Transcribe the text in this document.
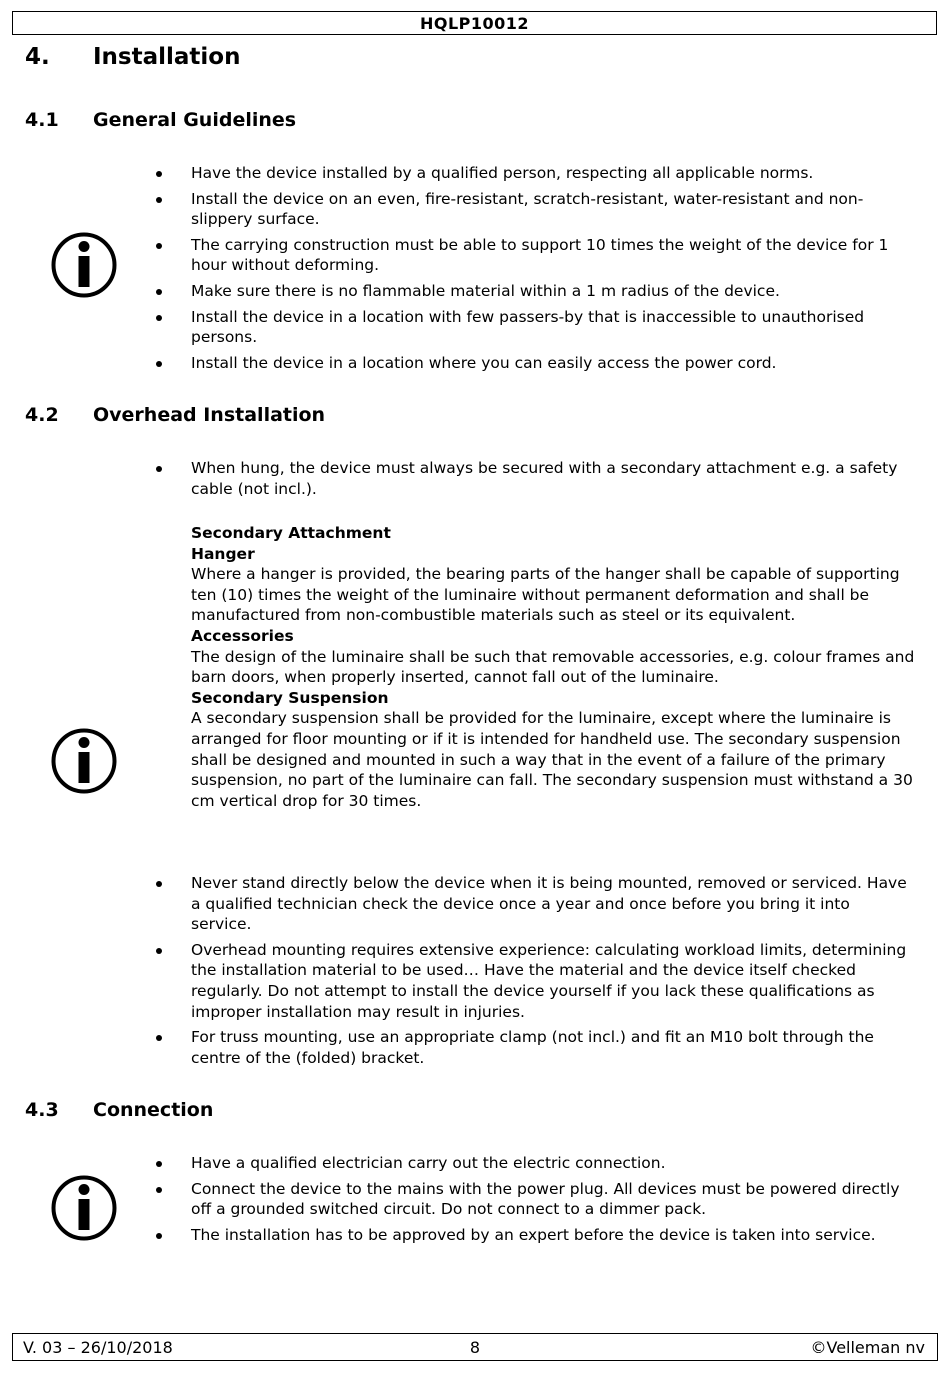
HQLP10012
4. Installation
4.1 General Guidelines
Have the device installed by a qualified person, respecting all applicable norms.
Install the device on an even, fire-resistant, scratch-resistant, water-resistant and non-slippery surface.
The carrying construction must be able to support 10 times the weight of the device for 1 hour without deforming.
Make sure there is no flammable material within a 1 m radius of the device.
Install the device in a location with few passers-by that is inaccessible to unauthorised persons.
Install the device in a location where you can easily access the power cord.
4.2 Overhead Installation
When hung, the device must always be secured with a secondary attachment e.g. a safety cable (not incl.).

Secondary Attachment

Hanger

Where a hanger is provided, the bearing parts of the hanger shall be capable of supporting ten (10) times the weight of the luminaire without permanent deformation and shall be manufactured from non-combustible materials such as steel or its equivalent.

Accessories

The design of the luminaire shall be such that removable accessories, e.g. colour frames and barn doors, when properly inserted, cannot fall out of the luminaire.

Secondary Suspension

A secondary suspension shall be provided for the luminaire, except where the luminaire is arranged for floor mounting or if it is intended for handheld use. The secondary suspension shall be designed and mounted in such a way that in the event of a failure of the primary suspension, no part of the luminaire can fall. The secondary suspension must withstand a 30 cm vertical drop for 30 times.

Never stand directly below the device when it is being mounted, removed or serviced. Have a qualified technician check the device once a year and once before you bring it into service.
Overhead mounting requires extensive experience: calculating workload limits, determining the installation material to be used… Have the material and the device itself checked regularly. Do not attempt to install the device yourself if you lack these qualifications as improper installation may result in injuries.
For truss mounting, use an appropriate clamp (not incl.) and fit an M10 bolt through the centre of the (folded) bracket.
4.3 Connection
Have a qualified electrician carry out the electric connection.
Connect the device to the mains with the power plug. All devices must be powered directly off a grounded switched circuit. Do not connect to a dimmer pack.
The installation has to be approved by an expert before the device is taken into service.
V. 03 – 26/10/2018	8	©Velleman nv
